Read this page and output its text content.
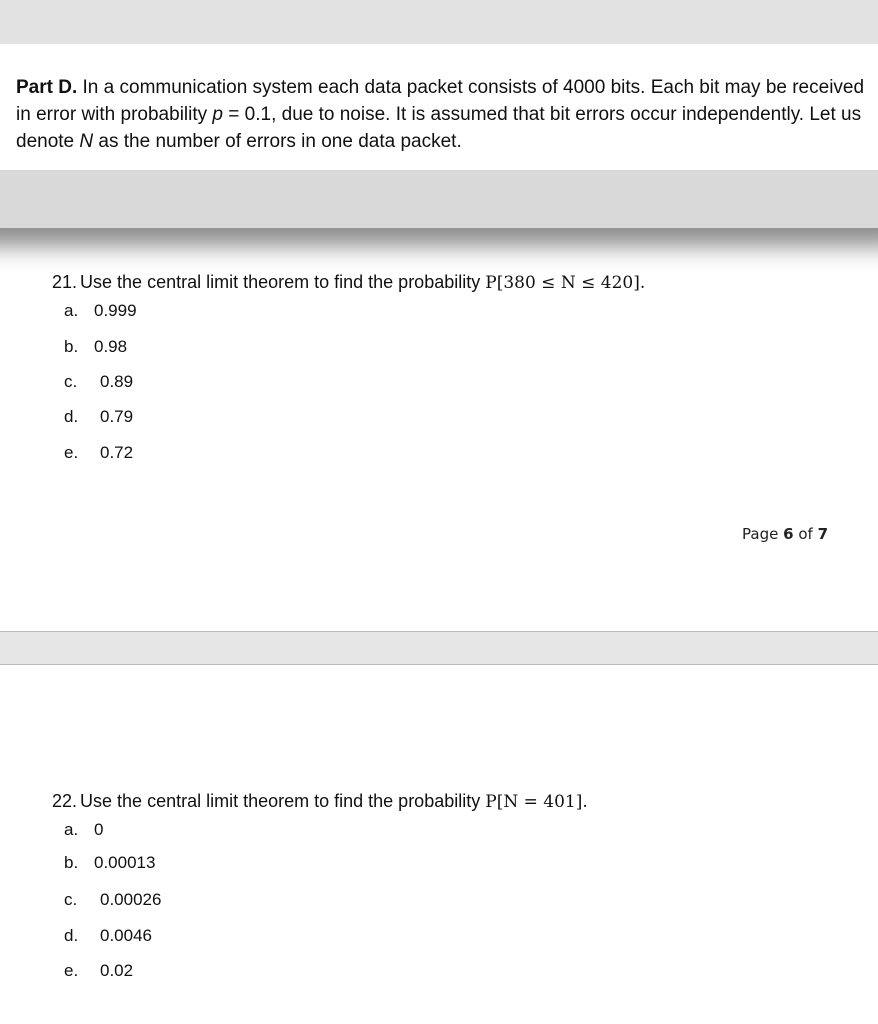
Part D. In a communication system each data packet consists of 4000 bits. Each bit may be received in error with probability p = 0.1, due to noise. It is assumed that bit errors occur independently. Let us denote N as the number of errors in one data packet.

21. Use the central limit theorem to find the probability P[380 ≤ N ≤ 420].
a. 0.999
b. 0.98
c. 0.89
d. 0.79
e. 0.72
Page 6 of 7
22. Use the central limit theorem to find the probability P[N = 401].
a. 0
b. 0.00013
c. 0.00026
d. 0.0046
e. 0.02
